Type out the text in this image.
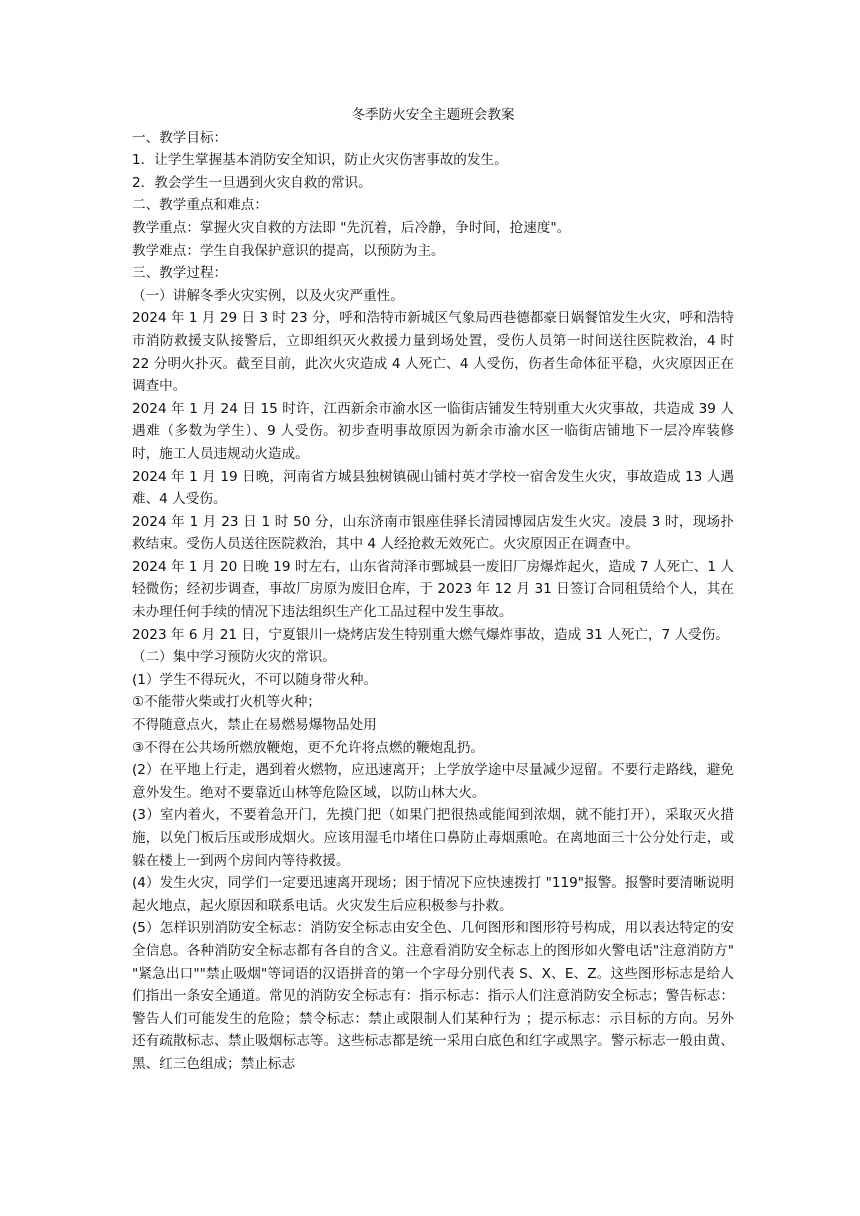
冬季防火安全主题班会教案
一、教学目标：
1．让学生掌握基本消防安全知识，防止火灾伤害事故的发生。
2．教会学生一旦遇到火灾自救的常识。
二、教学重点和难点：
教学重点：掌握火灾自救的方法即 "先沉着，后冷静，争时间，抢速度"。
教学难点：学生自我保护意识的提高，以预防为主。
三、教学过程：
（一）讲解冬季火灾实例，以及火灾严重性。
2024 年 1 月 29 日 3 时 23 分，呼和浩特市新城区气象局西巷德都豪日娲餐馆发生火灾，呼和浩特市消防救援支队接警后，立即组织灭火救援力量到场处置，受伤人员第一时间送往医院救治，4 时 22 分明火扑灭。截至目前，此次火灾造成 4 人死亡、4 人受伤，伤者生命体征平稳，火灾原因正在调查中。
2024 年 1 月 24 日 15 时许，江西新余市渝水区一临街店铺发生特别重大火灾事故，共造成 39 人遇难（多数为学生）、9 人受伤。初步查明事故原因为新余市渝水区一临街店铺地下一层冷库装修时，施工人员违规动火造成。
2024 年 1 月 19 日晚，河南省方城县独树镇砚山铺村英才学校一宿舍发生火灾，事故造成 13 人遇难、4 人受伤。
2024 年 1 月 23 日 1 时 50 分，山东济南市银座佳驿长清园博园店发生火灾。凌晨 3 时，现场扑救结束。受伤人员送往医院救治，其中 4 人经抢救无效死亡。火灾原因正在调查中。
2024 年 1 月 20 日晚 19 时左右，山东省菏泽市鄄城县一废旧厂房爆炸起火，造成 7 人死亡、1 人轻微伤；经初步调查，事故厂房原为废旧仓库，于 2023 年 12 月 31 日签订合同租赁给个人，其在未办理任何手续的情况下违法组织生产化工品过程中发生事故。
2023 年 6 月 21 日，宁夏银川一烧烤店发生特别重大燃气爆炸事故，造成 31 人死亡，7 人受伤。
（二）集中学习预防火灾的常识。
(1）学生不得玩火，不可以随身带火种。
①不能带火柴或打火机等火种；
不得随意点火，禁止在易燃易爆物品处用
③不得在公共场所燃放鞭炮，更不允许将点燃的鞭炮乱扔。
(2）在平地上行走，遇到着火燃物，应迅速离开；上学放学途中尽量减少逗留。不要行走路线，避免意外发生。绝对不要靠近山林等危险区域，以防山林大火。
(3）室内着火，不要着急开门，先摸门把（如果门把很热或能闻到浓烟，就不能打开），采取灭火措施，以免门板后压或形成烟火。应该用湿毛巾堵住口鼻防止毒烟熏呛。在离地面三十公分处行走，或躲在楼上一到两个房间内等待救援。
(4）发生火灾，同学们一定要迅速离开现场；困于情况下应快速拨打 "119"报警。报警时要清晰说明起火地点，起火原因和联系电话。火灾发生后应积极参与扑救。
(5）怎样识别消防安全标志：消防安全标志由安全色、几何图形和图形符号构成，用以表达特定的安全信息。各种消防安全标志都有各自的含义。注意看消防安全标志上的图形如火警电话"注意消防方" "紧急出口""禁止吸烟"等词语的汉语拼音的第一个字母分别代表 S、X、E、Z。这些图形标志是给人们指出一条安全通道。常见的消防安全标志有：指示标志：指示人们注意消防安全标志；警告标志：警告人们可能发生的危险；禁令标志：禁止或限制人们某种行为 ；提示标志：示目标的方向。另外还有疏散标志、禁止吸烟标志等。这些标志都是统一采用白底色和红字或黑字。警示标志一般由黄、黑、红三色组成；禁止标志
